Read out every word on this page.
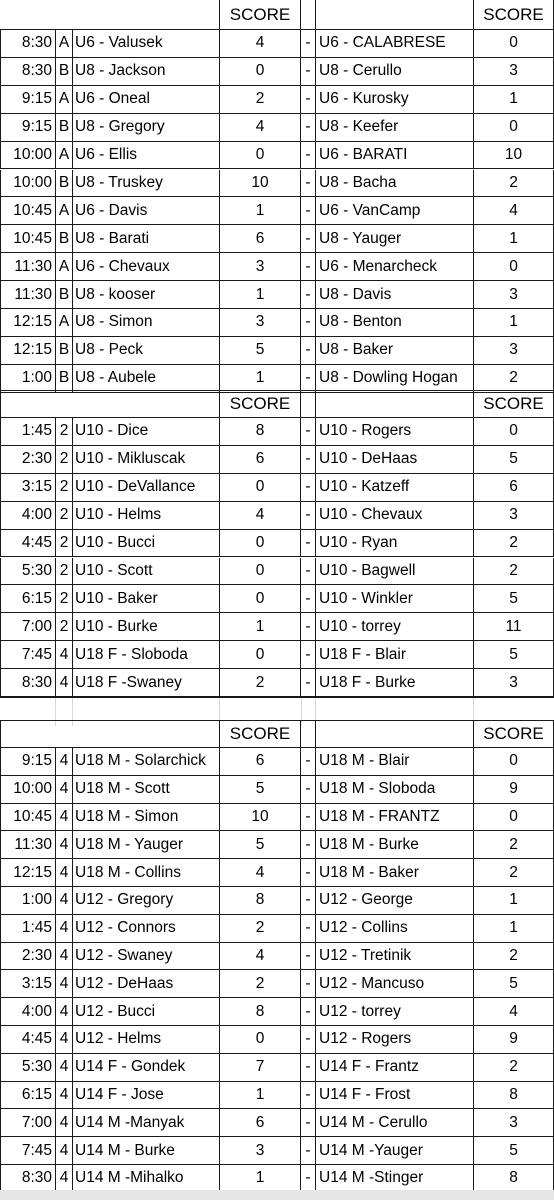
SCORE	SCORE
8:30 A U6 - Valusek	4	- U6 - CALABRESE	0
8:30 B U8 - Jackson	0	- U8 - Cerullo	3
9:15 A U6 - Oneal	2	- U6 - Kurosky	1
9:15 B U8 - Gregory	4	- U8 - Keefer	0
10:00 A U6 - Ellis	0	- U6 - BARATI	10
10:00 B U8 - Truskey	10	- U8 - Bacha	2
10:45 A U6 - Davis	1	- U6 - VanCamp	4
10:45 B U8 - Barati	6	- U8 - Yauger	1
11:30 A U6 - Chevaux	3	- U6 - Menarcheck	0
11:30 B U8 - kooser	1	- U8 - Davis	3
12:15 A U8 - Simon	3	- U8 - Benton	1
12:15 B U8 - Peck	5	- U8 - Baker	3
1:00 B U8 - Aubele	1	- U8 - Dowling Hogan	2
SCORE	SCORE
1:45 2 U10 - Dice	8	- U10 - Rogers	0
2:30 2 U10 - Mikluscak	6	- U10 - DeHaas	5
3:15 2 U10 - DeVallance	0	- U10 - Katzeff	6
4:00 2 U10 - Helms	4	- U10 - Chevaux	3
4:45 2 U10 - Bucci	0	- U10 - Ryan	2
5:30 2 U10 - Scott	0	- U10 - Bagwell	2
6:15 2 U10 - Baker	0	- U10 - Winkler	5
7:00 2 U10 - Burke	1	- U10 - torrey	11
7:45 4 U18 F - Sloboda	0	- U18 F - Blair	5
8:30 4 U18 F -Swaney	2	- U18 F - Burke	3
SCORE	SCORE
9:15 4 U18 M - Solarchick	6	- U18 M - Blair	0
10:00 4 U18 M - Scott	5	- U18 M - Sloboda	9
10:45 4 U18 M - Simon	10	- U18 M - FRANTZ	0
11:30 4 U18 M - Yauger	5	- U18 M - Burke	2
12:15 4 U18 M - Collins	4	- U18 M - Baker	2
1:00 4 U12 - Gregory	8	- U12 - George	1
1:45 4 U12 - Connors	2	- U12 - Collins	1
2:30 4 U12 - Swaney	4	- U12 - Tretinik	2
3:15 4 U12 - DeHaas	2	- U12 - Mancuso	5
4:00 4 U12 - Bucci	8	- U12 - torrey	4
4:45 4 U12 - Helms	0	- U12 - Rogers	9
5:30 4 U14 F - Gondek	7	- U14 F - Frantz	2
6:15 4 U14 F - Jose	1	- U14 F - Frost	8
7:00 4 U14 M -Manyak	6	- U14 M - Cerullo	3
7:45 4 U14 M - Burke	3	- U14 M -Yauger	5
8:30 4 U14 M -Mihalko	1	- U14 M -Stinger	8
